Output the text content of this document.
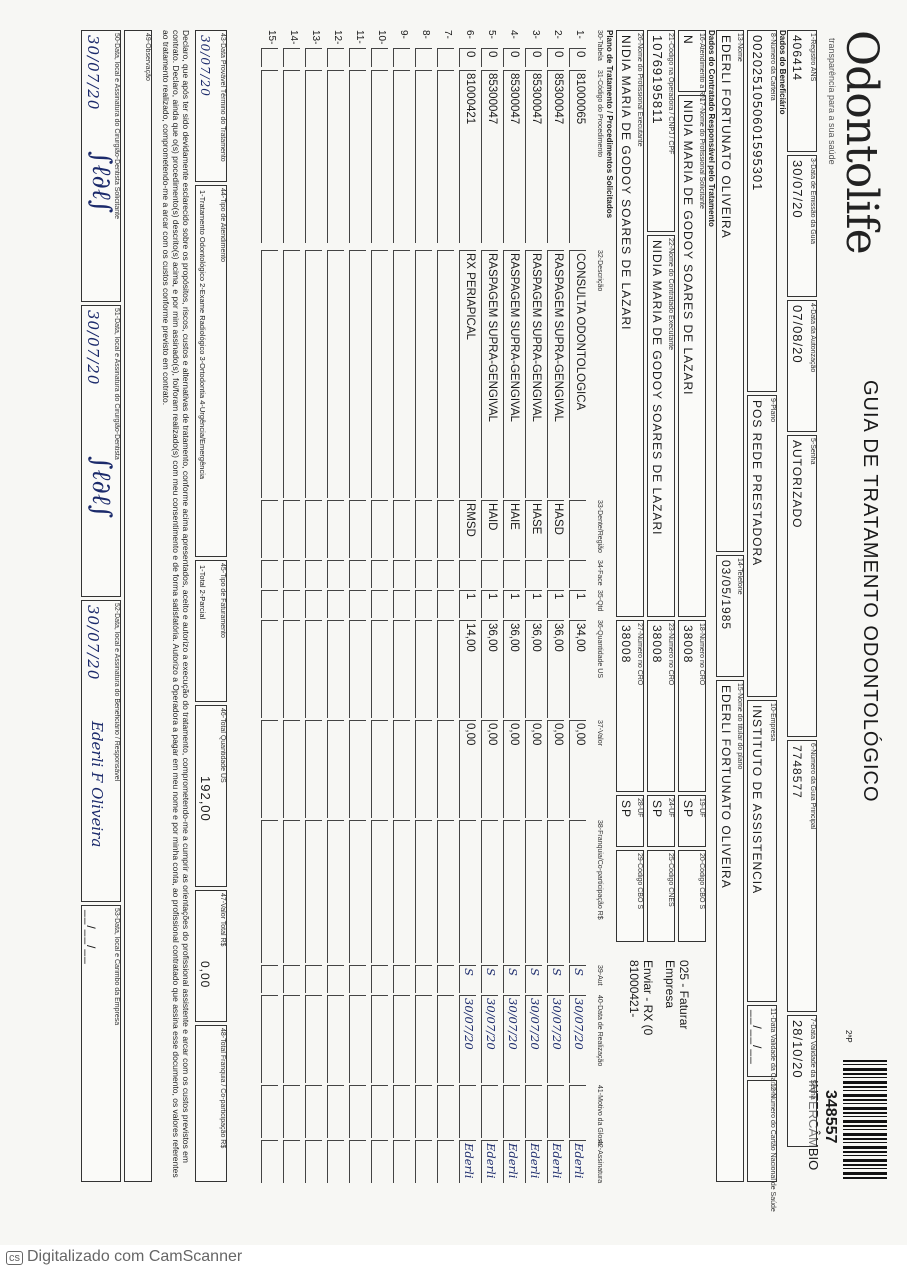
Odontolife
transparência para a sua saúde
GUIA DE TRATAMENTO ODONTOLÓGICO
2ªP
348557
INTERCÂMBIO
1-Registro ANS
406414
3-Data de Emissão da Guia
30/07/20
4-Data da Autorização
07/08/20
5-Senha
AUTORIZADO
6-Número da Guia Principal
7748577
7-Data Validade da Senha
28/10/20
Dados do Beneficiário
8-Número da Carteira
0020251050601595301
9-Plano
POS REDE PRESTADORA
10-Empresa
INSTITUTO DE ASSISTENCIA
11-Data Validade da Carteira
__/__/__
12-Número do Cartão Nacional de Saúde
13-Nome
EDERLI FORTUNATO OLIVEIRA
14-Telefone
03/05/1985
15-Nome do titular do plano
EDERLI FORTUNATO OLIVEIRA
Dados do Contratado Responsável pelo Tratamento
16-Atendimento a RN
N
17-Nome do Profissional Solicitante
NIDIA MARIA DE GODOY SOARES DE LAZARI
18-Número no CRO
38008
19-UF
SP
20-Código CBO S
21-Código na Operadora / CNPJ / CPF
10769195811
22-Nome do Contratado Executante
NIDIA MARIA DE GODOY SOARES DE LAZARI
23-Número no CRO
38008
24-UF
SP
25-Código CNES
26-Nome do Profissional Executante
NIDIA MARIA DE GODOY SOARES DE LAZARI
27-Número no CRO
38008
28-UF
SP
29-Código CBO S
025 - Faturar Empresa
Enviar - RX (0 81000421-
Plano de Tratamento / Procedimentos Solicitados
30-Tabela
31-Código do Procedimento
32-Descrição
33-Dente/Região
34-Face
35-Qtd
36-Quantidade US
37-Valor
38-Franquia/Co-participação R$
39-Aut
40-Data de Realização
41-Motivo da Glosa
42-Assinatura
1-
0
81000065
CONSULTA ODONTOLOGICA
1
34,00
0,00
S
30/07/20
Ederli
2-
0
85300047
RASPAGEM SUPRA-GENGIVAL
HASD
1
36,00
0,00
S
30/07/20
Ederli
3-
0
85300047
RASPAGEM SUPRA-GENGIVAL
HASE
1
36,00
0,00
S
30/07/20
Ederli
4-
0
85300047
RASPAGEM SUPRA-GENGIVAL
HAIE
1
36,00
0,00
S
30/07/20
Ederli
5-
0
85300047
RASPAGEM SUPRA-GENGIVAL
HAID
1
36,00
0,00
S
30/07/20
Ederli
6-
0
81000421
RX PERIAPICAL
RMSD
1
14,00
0,00
S
30/07/20
Ederli
7-
8-
9-
10-
11-
12-
13-
14-
15-
43-Data Provável Término do Tratamento
30/07/20
44-Tipo de Atendimento
1-Tratamento Odontológico 2-Exame Radiológico 3-Ortodontia 4-Urgência/Emergência
45-Tipo de Faturamento
1-Total 2-Parcial
46-Total Quantidade US
192,00
47-Valor Total R$
0,00
48-Total Franquia / Co-participação R$
Declaro, que após ter sido devidamente esclarecido sobre os propósitos, riscos, custos e alternativas de tratamento, conforme acima apresentados, aceito e autorizo a execução do tratamento, comprometendo-me a cumprir as orientações do profissional assistente e arcar com os custos previstos em contrato. Declaro, ainda que o(s) procedimento(s) descrito(s) acima, e por mim assinado(s), foi/foram realizado(s) com meu consentimento e de forma satisfatória. Autorizo a Operadora a pagar em meu nome e por minha conta, ao profissional contratado que assina esse documento, os valores referentes ao tratamento realizado, comprometendo-me a arcar com os custos conforme previsto em contrato.
49-Observação
50-Data, local e Assinatura do Cirurgião-Dentista Solicitante
30/07/20
∫ℓ∂ℓ∫
51-Data, local e Assinatura do Cirurgião-Dentista
30/07/20
∫ℓ∂ℓ∫
52-Data, local e Assinatura do Beneficiário / Responsável
30/07/20
Ederli F Oliveira
53-Data, local e Carimbo da Empresa
__/__/__
cs Digitalizado com CamScanner
